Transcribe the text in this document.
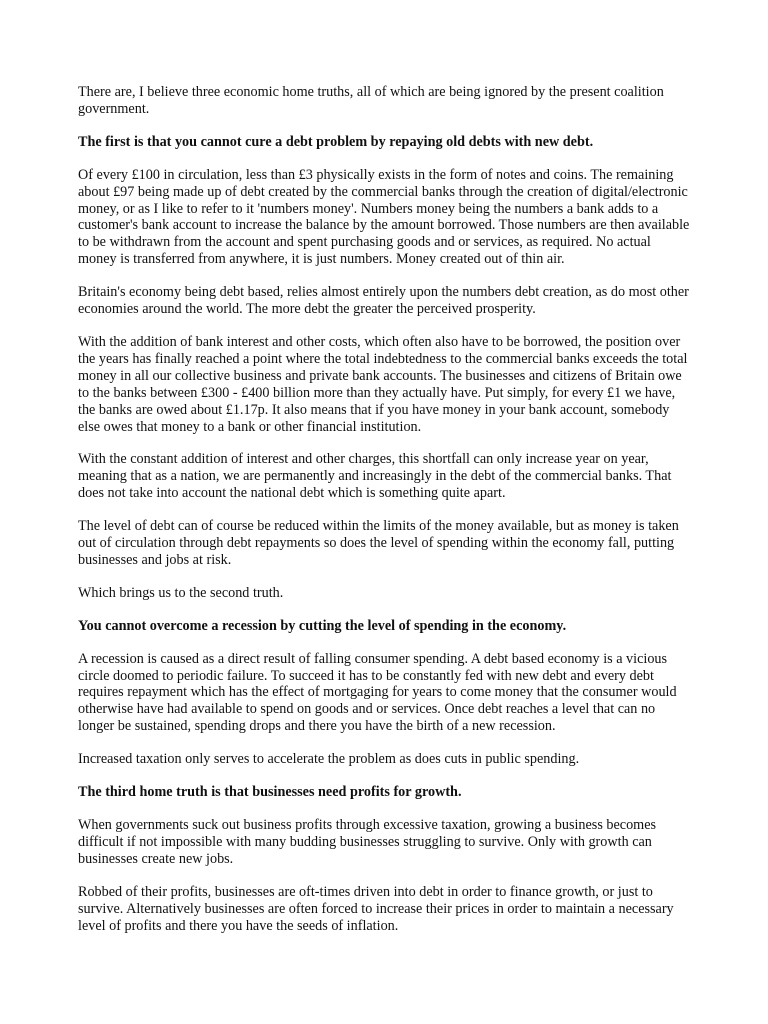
There are, I believe three economic home truths, all of which are being ignored by the present coalition government.

The first is that you cannot cure a debt problem by repaying old debts with new debt.

Of every £100 in circulation, less than £3 physically exists in the form of notes and coins. The remaining about £97 being made up of debt created by the commercial banks through the creation of digital/electronic money, or as I like to refer to it 'numbers money'. Numbers money being the numbers a bank adds to a customer's bank account to increase the balance by the amount borrowed. Those numbers are then available to be withdrawn from the account and spent purchasing goods and or services, as required. No actual money is transferred from anywhere, it is just numbers. Money created out of thin air.

Britain's economy being debt based, relies almost entirely upon the numbers debt creation, as do most other economies around the world. The more debt the greater the perceived prosperity.

With the addition of bank interest and other costs, which often also have to be borrowed, the position over the years has finally reached a point where the total indebtedness to the commercial banks exceeds the total money in all our collective business and private bank accounts. The businesses and citizens of Britain owe to the banks between £300 - £400 billion more than they actually have. Put simply, for every £1 we have, the banks are owed about £1.17p. It also means that if you have money in your bank account, somebody else owes that money to a bank or other financial institution.

With the constant addition of interest and other charges, this shortfall can only increase year on year, meaning that as a nation, we are permanently and increasingly in the debt of the commercial banks. That does not take into account the national debt which is something quite apart.

The level of debt can of course be reduced within the limits of the money available, but as money is taken out of circulation through debt repayments so does the level of spending within the economy fall, putting businesses and jobs at risk.

Which brings us to the second truth.

You cannot overcome a recession by cutting the level of spending in the economy.

A recession is caused as a direct result of falling consumer spending. A debt based economy is a vicious circle doomed to periodic failure. To succeed it has to be constantly fed with new debt and every debt requires repayment which has the effect of mortgaging for years to come money that the consumer would otherwise have had available to spend on goods and or services. Once debt reaches a level that can no longer be sustained, spending drops and there you have the birth of a new recession.

Increased taxation only serves to accelerate the problem as does cuts in public spending.

The third home truth is that businesses need profits for growth.

When governments suck out business profits through excessive taxation, growing a business becomes difficult if not impossible with many budding businesses struggling to survive. Only with growth can businesses create new jobs.

Robbed of their profits, businesses are oft-times driven into debt in order to finance growth, or just to survive. Alternatively businesses are often forced to increase their prices in order to maintain a necessary level of profits and there you have the seeds of inflation.
